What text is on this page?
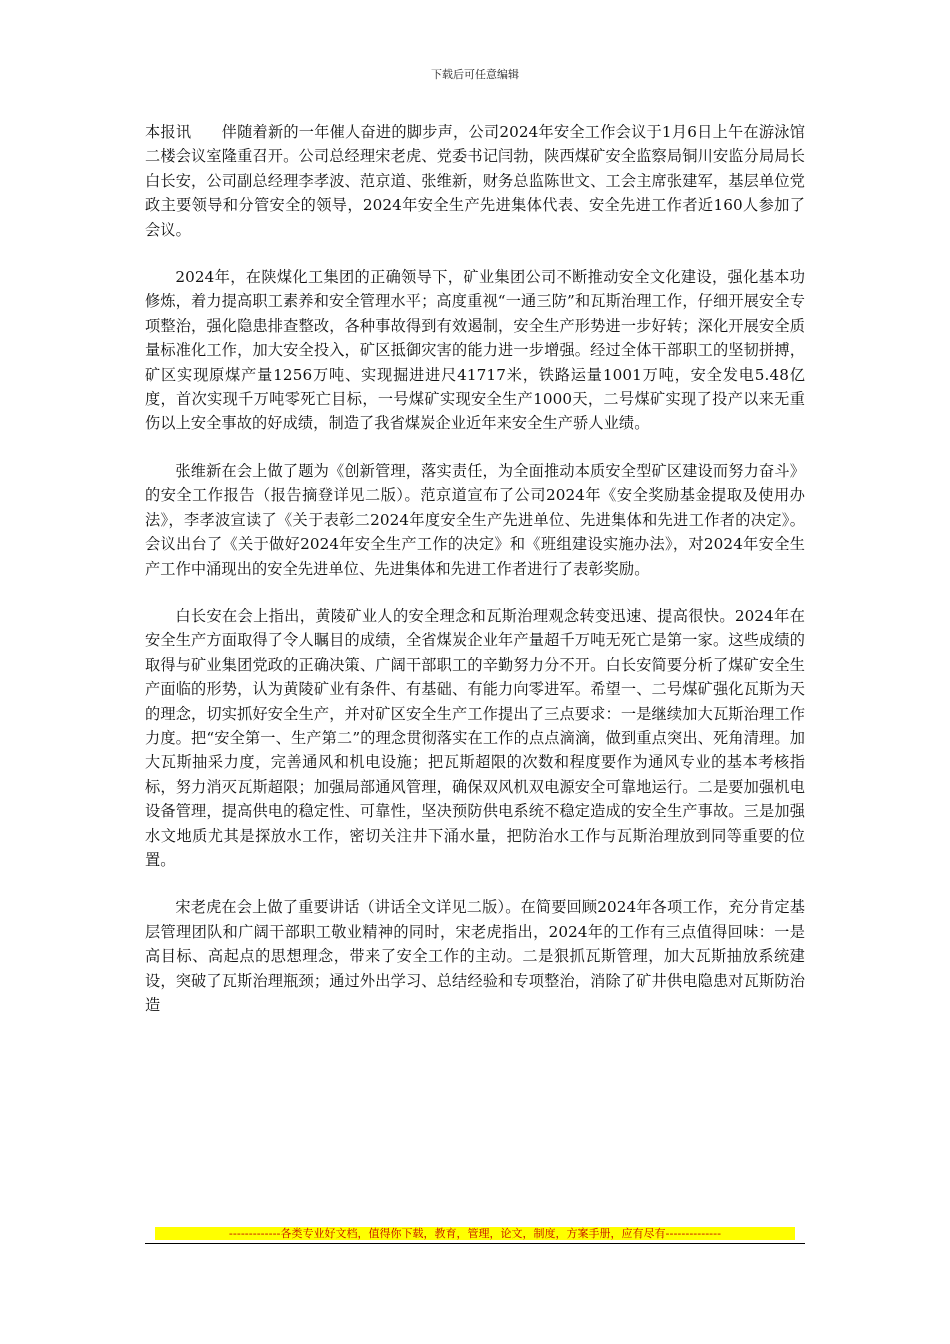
下载后可任意编辑

本报讯 伴随着新的一年催人奋进的脚步声，公司2024年安全工作会议于1月6日上午在游泳馆二楼会议室隆重召开。公司总经理宋老虎、党委书记闫勃，陕西煤矿安全监察局铜川安监分局局长白长安，公司副总经理李孝波、范京道、张维新，财务总监陈世文、工会主席张建军，基层单位党政主要领导和分管安全的领导，2024年安全生产先进集体代表、安全先进工作者近160人参加了会议。

2024年，在陕煤化工集团的正确领导下，矿业集团公司不断推动安全文化建设，强化基本功修炼，着力提高职工素养和安全管理水平；高度重视“一通三防”和瓦斯治理工作，仔细开展安全专项整治，强化隐患排查整改，各种事故得到有效遏制，安全生产形势进一步好转；深化开展安全质量标准化工作，加大安全投入，矿区抵御灾害的能力进一步增强。经过全体干部职工的坚韧拼搏，矿区实现原煤产量1256万吨、实现掘进进尺41717米，铁路运量1001万吨，安全发电5.48亿度，首次实现千万吨零死亡目标，一号煤矿实现安全生产1000天，二号煤矿实现了投产以来无重伤以上安全事故的好成绩，制造了我省煤炭企业近年来安全生产骄人业绩。

张维新在会上做了题为《创新管理，落实责任，为全面推动本质安全型矿区建设而努力奋斗》的安全工作报告（报告摘登详见二版）。范京道宣布了公司2024年《安全奖励基金提取及使用办法》，李孝波宣读了《关于表彰二2024年度安全生产先进单位、先进集体和先进工作者的决定》。会议出台了《关于做好2024年安全生产工作的决定》和《班组建设实施办法》，对2024年安全生产工作中涌现出的安全先进单位、先进集体和先进工作者进行了表彰奖励。

白长安在会上指出，黄陵矿业人的安全理念和瓦斯治理观念转变迅速、提高很快。2024年在安全生产方面取得了令人瞩目的成绩，全省煤炭企业年产量超千万吨无死亡是第一家。这些成绩的取得与矿业集团党政的正确决策、广阔干部职工的辛勤努力分不开。白长安简要分析了煤矿安全生产面临的形势，认为黄陵矿业有条件、有基础、有能力向零进军。希望一、二号煤矿强化瓦斯为天的理念，切实抓好安全生产，并对矿区安全生产工作提出了三点要求：一是继续加大瓦斯治理工作力度。把“安全第一、生产第二”的理念贯彻落实在工作的点点滴滴，做到重点突出、死角清理。加大瓦斯抽采力度，完善通风和机电设施；把瓦斯超限的次数和程度要作为通风专业的基本考核指标，努力消灭瓦斯超限；加强局部通风管理，确保双风机双电源安全可靠地运行。二是要加强机电设备管理，提高供电的稳定性、可靠性，坚决预防供电系统不稳定造成的安全生产事故。三是加强水文地质尤其是探放水工作，密切关注井下涌水量，把防治水工作与瓦斯治理放到同等重要的位置。

宋老虎在会上做了重要讲话（讲话全文详见二版）。在简要回顾2024年各项工作，充分肯定基层管理团队和广阔干部职工敬业精神的同时，宋老虎指出，2024年的工作有三点值得回味：一是高目标、高起点的思想理念，带来了安全工作的主动。二是狠抓瓦斯管理，加大瓦斯抽放系统建设，突破了瓦斯治理瓶颈；通过外出学习、总结经验和专项整治，消除了矿井供电隐患对瓦斯防治造

-------------各类专业好文档，值得你下载，教育，管理，论文，制度，方案手册，应有尽有--------------
